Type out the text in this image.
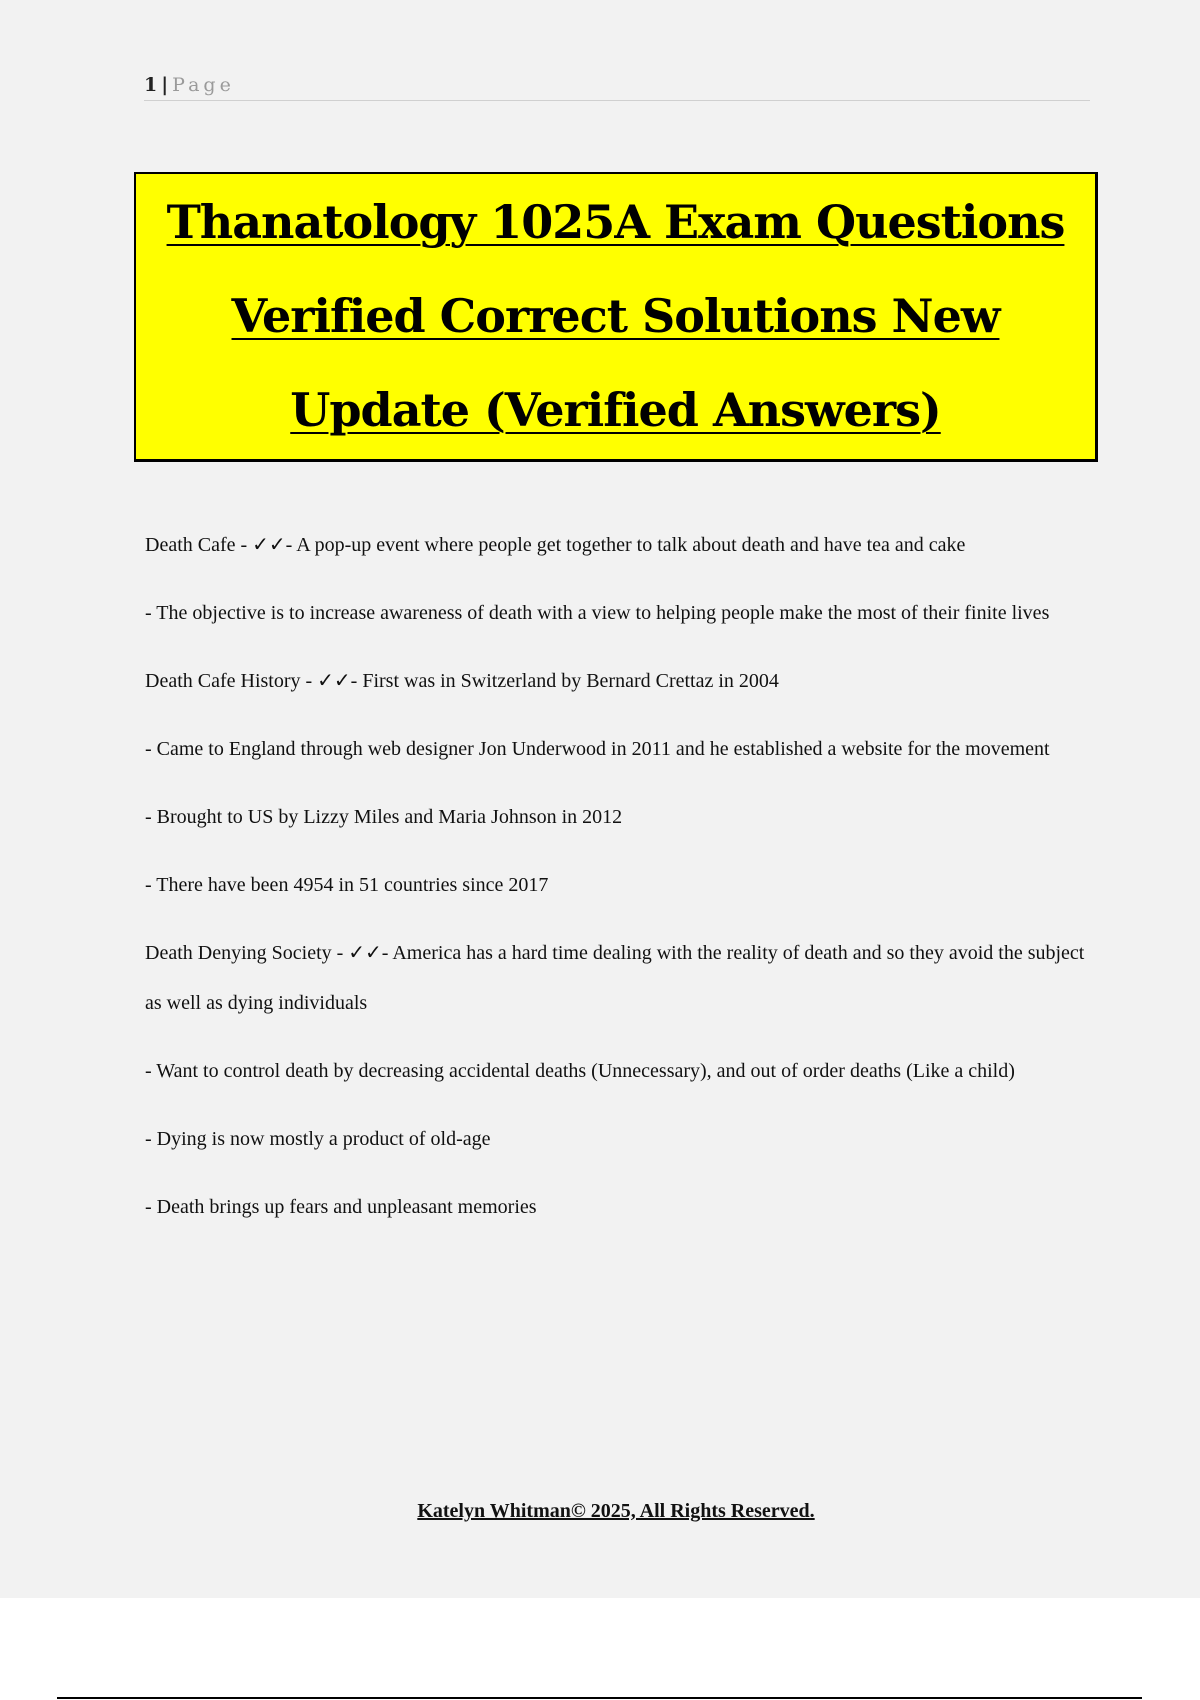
1 | Page
Thanatology 1025A Exam Questions
Verified Correct Solutions New
Update (Verified Answers)

Death Cafe - ✓✓- A pop-up event where people get together to talk about death and have tea and cake

- The objective is to increase awareness of death with a view to helping people make the most of their finite lives

Death Cafe History - ✓✓- First was in Switzerland by Bernard Crettaz in 2004

- Came to England through web designer Jon Underwood in 2011 and he established a website for the movement

- Brought to US by Lizzy Miles and Maria Johnson in 2012

- There have been 4954 in 51 countries since 2017

Death Denying Society - ✓✓- America has a hard time dealing with the reality of death and so they avoid the subject as well as dying individuals

- Want to control death by decreasing accidental deaths (Unnecessary), and out of order deaths (Like a child)

- Dying is now mostly a product of old-age

- Death brings up fears and unpleasant memories

Katelyn Whitman© 2025, All Rights Reserved.
